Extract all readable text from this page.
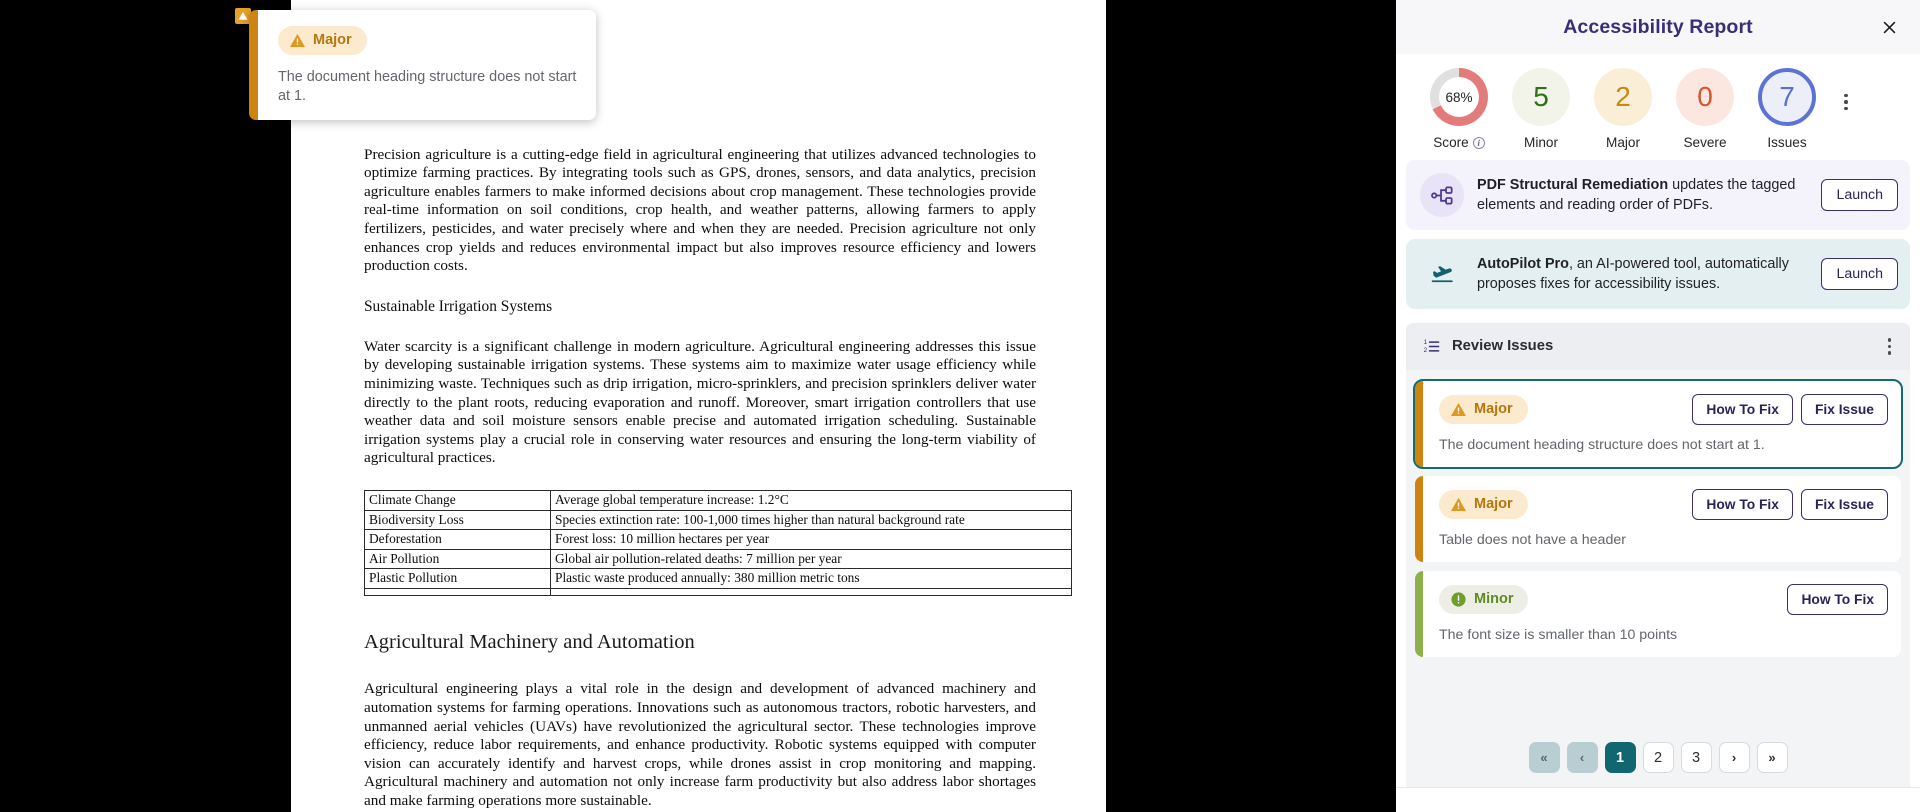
Precision agriculture is a cutting-edge field in agricultural engineering that utilizes advanced technologies to optimize farming practices. By integrating tools such as GPS, drones, sensors, and data analytics, precision agriculture enables farmers to make informed decisions about crop management. These technologies provide real-time information on soil conditions, crop health, and weather patterns, allowing farmers to apply fertilizers, pesticides, and water precisely where and when they are needed. Precision agriculture not only enhances crop yields and reduces environmental impact but also improves resource efficiency and lowers production costs.

Sustainable Irrigation Systems

Water scarcity is a significant challenge in modern agriculture. Agricultural engineering addresses this issue by developing sustainable irrigation systems. These systems aim to maximize water usage efficiency while minimizing waste. Techniques such as drip irrigation, micro-sprinklers, and precision sprinklers deliver water directly to the plant roots, reducing evaporation and runoff. Moreover, smart irrigation controllers that use weather data and soil moisture sensors enable precise and automated irrigation scheduling. Sustainable irrigation systems play a crucial role in conserving water resources and ensuring the long-term viability of agricultural practices.

Climate Change	Average global temperature increase: 1.2°C
Biodiversity Loss	Species extinction rate: 100-1,000 times higher than natural background rate
Deforestation	Forest loss: 10 million hectares per year
Air Pollution	Global air pollution-related deaths: 7 million per year
Plastic Pollution	Plastic waste produced annually: 380 million metric tons

Agricultural Machinery and Automation

Agricultural engineering plays a vital role in the design and development of advanced machinery and automation systems for farming operations. Innovations such as autonomous tractors, robotic harvesters, and unmanned aerial vehicles (UAVs) have revolutionized the agricultural sector. These technologies improve efficiency, reduce labor requirements, and enhance productivity. Robotic systems equipped with computer vision can accurately identify and harvest crops, while drones assist in crop monitoring and mapping. Agricultural machinery and automation not only increase farm productivity but also address labor shortages and make farming operations more sustainable.

Major
The document heading structure does not start at 1.
Accessibility Report
68%
Score i
5
Minor
2
Major
0
Severe
7
Issues
PDF Structural Remediation updates the tagged elements and reading order of PDFs.
Launch
AutoPilot Pro, an AI-powered tool, automatically proposes fixes for accessibility issues.
Launch
1
2 Review Issues
Major	How To Fix	Fix Issue
The document heading structure does not start at 1.
Major	How To Fix	Fix Issue
Table does not have a header
Minor	How To Fix
The font size is smaller than 10 points
«	‹	1	2	3	›	»
